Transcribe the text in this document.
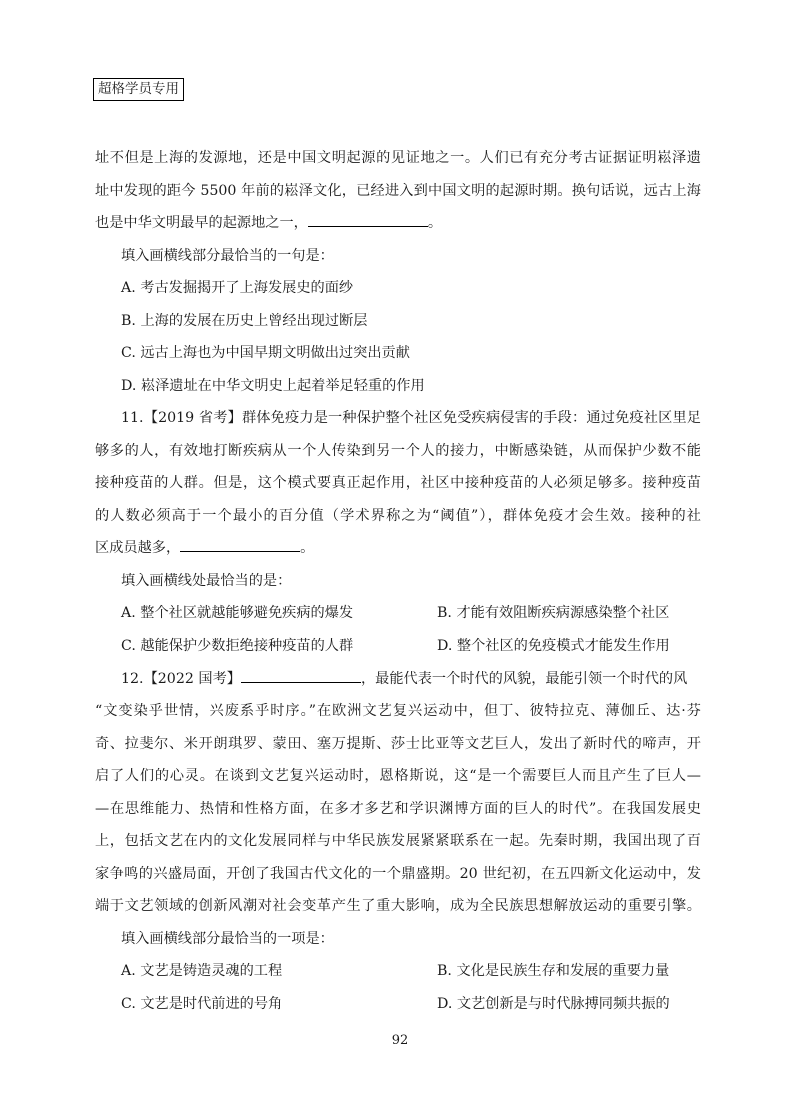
超格学员专用
址不但是上海的发源地，还是中国文明起源的见证地之一。人们已有充分考古证据证明崧泽遗
址中发现的距今 5500 年前的崧泽文化，已经进入到中国文明的起源时期。换句话说，远古上海
也是中华文明最早的起源地之一，	。
填入画横线部分最恰当的一句是：
A. 考古发掘揭开了上海发展史的面纱
B. 上海的发展在历史上曾经出现过断层
C. 远古上海也为中国早期文明做出过突出贡献
D. 崧泽遗址在中华文明史上起着举足轻重的作用
11.【2019 省考】群体免疫力是一种保护整个社区免受疾病侵害的手段：通过免疫社区里足
够多的人，有效地打断疾病从一个人传染到另一个人的接力，中断感染链，从而保护少数不能
接种疫苗的人群。但是，这个模式要真正起作用，社区中接种疫苗的人必须足够多。接种疫苗
的人数必须高于一个最小的百分值（学术界称之为“阈值”），群体免疫才会生效。接种的社
区成员越多，	。
填入画横线处最恰当的是：
A. 整个社区就越能够避免疾病的爆发	B. 才能有效阻断疾病源感染整个社区
C. 越能保护少数拒绝接种疫苗的人群	D. 整个社区的免疫模式才能发生作用
12.【2022 国考】	，最能代表一个时代的风貌，最能引领一个时代的风
“文变染乎世情，兴废系乎时序。”在欧洲文艺复兴运动中，但丁、彼特拉克、薄伽丘、达·芬
奇、拉斐尔、米开朗琪罗、蒙田、塞万提斯、莎士比亚等文艺巨人，发出了新时代的啼声，开
启了人们的心灵。在谈到文艺复兴运动时，恩格斯说，这“是一个需要巨人而且产生了巨人—
—在思维能力、热情和性格方面，在多才多艺和学识渊博方面的巨人的时代”。在我国发展史
上，包括文艺在内的文化发展同样与中华民族发展紧紧联系在一起。先秦时期，我国出现了百
家争鸣的兴盛局面，开创了我国古代文化的一个鼎盛期。20 世纪初，在五四新文化运动中，发
端于文艺领域的创新风潮对社会变革产生了重大影响，成为全民族思想解放运动的重要引擎。
填入画横线部分最恰当的一项是：
A. 文艺是铸造灵魂的工程	B. 文化是民族生存和发展的重要力量
C. 文艺是时代前进的号角	D. 文艺创新是与时代脉搏同频共振的
92
